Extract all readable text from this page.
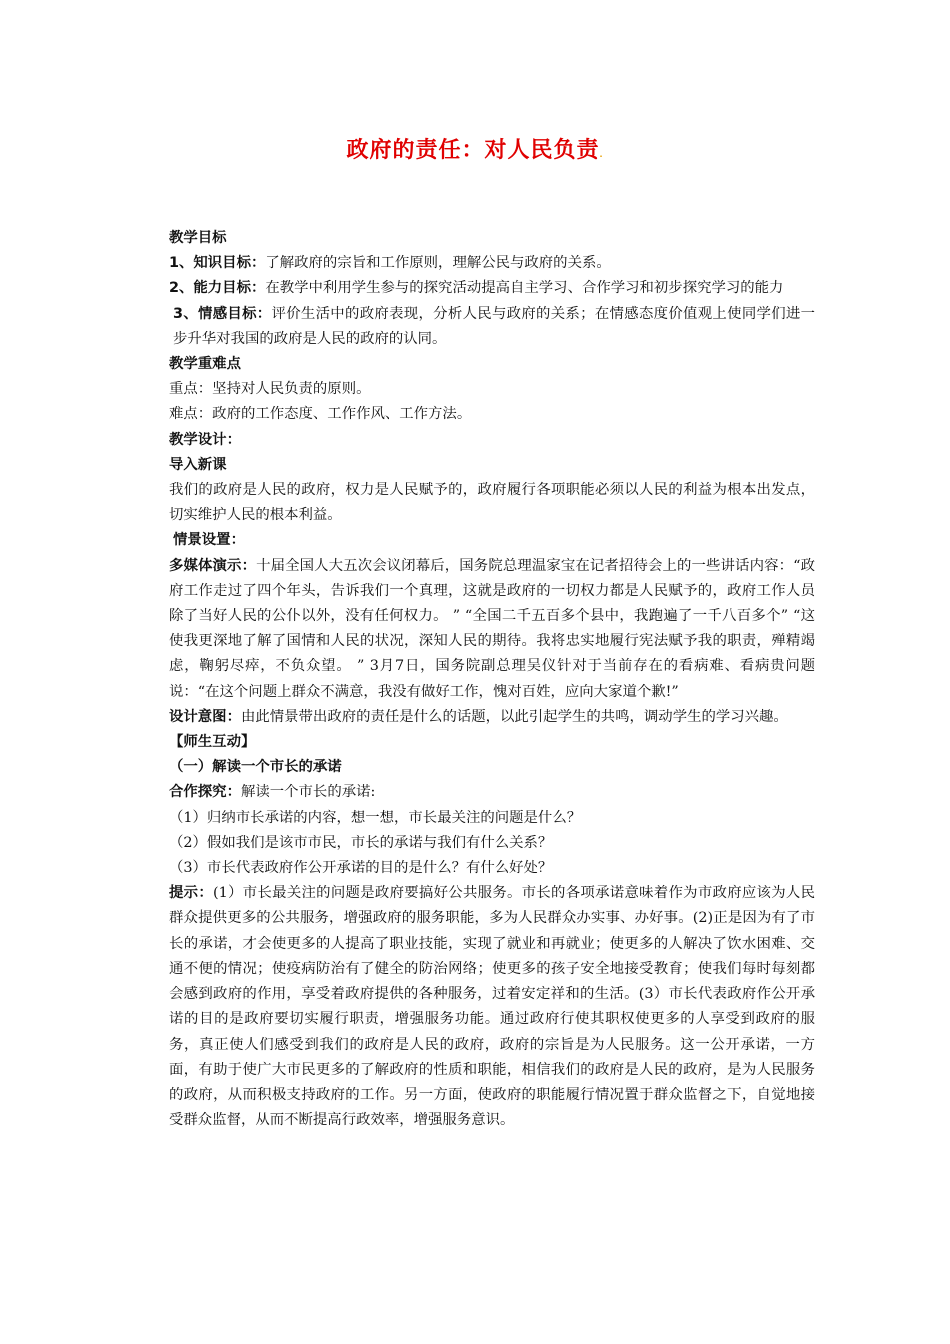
政府的责任：对人民负责.

教学目标

1、知识目标：了解政府的宗旨和工作原则，理解公民与政府的关系。

2、能力目标：在教学中利用学生参与的探究活动提高自主学习、合作学习和初步探究学习的能力

3、情感目标：评价生活中的政府表现，分析人民与政府的关系；在情感态度价值观上使同学们进一步升华对我国的政府是人民的政府的认同。

教学重难点

重点：坚持对人民负责的原则。

难点：政府的工作态度、工作作风、工作方法。

教学设计：

导入新课

我们的政府是人民的政府，权力是人民赋予的，政府履行各项职能必须以人民的利益为根本出发点，切实维护人民的根本利益。

情景设置：

多媒体演示：十届全国人大五次会议闭幕后，国务院总理温家宝在记者招待会上的一些讲话内容：“政府工作走过了四个年头，告诉我们一个真理，这就是政府的一切权力都是人民赋予的，政府工作人员除了当好人民的公仆以外，没有任何权力。 ” “全国二千五百多个县中，我跑遍了一千八百多个” “这使我更深地了解了国情和人民的状况，深知人民的期待。我将忠实地履行宪法赋予我的职责，殚精竭虑，鞠躬尽瘁，不负众望。 ” 3月7日，国务院副总理吴仪针对于当前存在的看病难、看病贵问题说：“在这个问题上群众不满意，我没有做好工作，愧对百姓，应向大家道个歉!”

设计意图：由此情景带出政府的责任是什么的话题，以此引起学生的共鸣，调动学生的学习兴趣。

【师生互动】

（一）解读一个市长的承诺

合作探究：解读一个市长的承诺:

（1）归纳市长承诺的内容，想一想，市长最关注的问题是什么？

（2）假如我们是该市市民，市长的承诺与我们有什么关系？

（3）市长代表政府作公开承诺的目的是什么？有什么好处？

提示：(1）市长最关注的问题是政府要搞好公共服务。市长的各项承诺意味着作为市政府应该为人民群众提供更多的公共服务，增强政府的服务职能，多为人民群众办实事、办好事。(2)正是因为有了市长的承诺，才会使更多的人提高了职业技能，实现了就业和再就业；使更多的人解决了饮水困难、交通不便的情况；使疫病防治有了健全的防治网络；使更多的孩子安全地接受教育；使我们每时每刻都会感到政府的作用，享受着政府提供的各种服务，过着安定祥和的生活。(3）市长代表政府作公开承诺的目的是政府要切实履行职责，增强服务功能。通过政府行使其职权使更多的人享受到政府的服务，真正使人们感受到我们的政府是人民的政府，政府的宗旨是为人民服务。这一公开承诺，一方面，有助于使广大市民更多的了解政府的性质和职能，相信我们的政府是人民的政府，是为人民服务的政府，从而积极支持政府的工作。另一方面，使政府的职能履行情况置于群众监督之下，自觉地接受群众监督，从而不断提高行政效率，增强服务意识。
